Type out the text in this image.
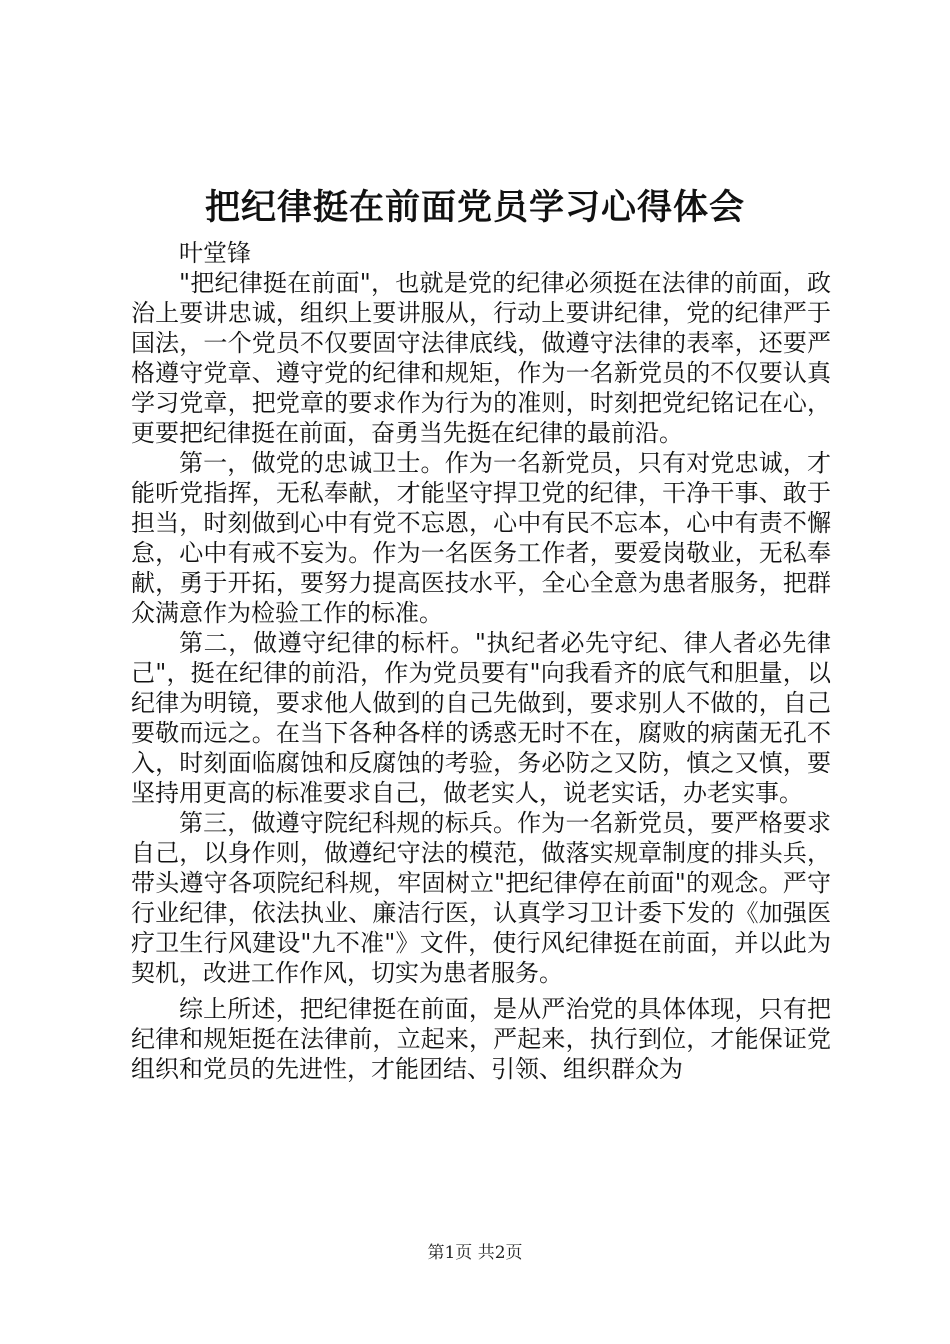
把纪律挺在前面党员学习心得体会

叶堂锋

"把纪律挺在前面"，也就是党的纪律必须挺在法律的前面，政治上要讲忠诚，组织上要讲服从，行动上要讲纪律，党的纪律严于国法，一个党员不仅要固守法律底线，做遵守法律的表率，还要严格遵守党章、遵守党的纪律和规矩，作为一名新党员的不仅要认真学习党章，把党章的要求作为行为的准则，时刻把党纪铭记在心，更要把纪律挺在前面，奋勇当先挺在纪律的最前沿。

第一，做党的忠诚卫士。作为一名新党员，只有对党忠诚，才能听党指挥，无私奉献，才能坚守捍卫党的纪律，干净干事、敢于担当，时刻做到心中有党不忘恩，心中有民不忘本，心中有责不懈怠，心中有戒不妄为。作为一名医务工作者，要爱岗敬业，无私奉献，勇于开拓，要努力提高医技水平，全心全意为患者服务，把群众满意作为检验工作的标准。

第二，做遵守纪律的标杆。"执纪者必先守纪、律人者必先律己"，挺在纪律的前沿，作为党员要有"向我看齐的底气和胆量，以纪律为明镜，要求他人做到的自己先做到，要求别人不做的，自己要敬而远之。在当下各种各样的诱惑无时不在，腐败的病菌无孔不入，时刻面临腐蚀和反腐蚀的考验，务必防之又防，慎之又慎，要坚持用更高的标准要求自己，做老实人，说老实话，办老实事。

第三，做遵守院纪科规的标兵。作为一名新党员，要严格要求自己，以身作则，做遵纪守法的模范，做落实规章制度的排头兵，带头遵守各项院纪科规，牢固树立"把纪律停在前面"的观念。严守行业纪律，依法执业、廉洁行医，认真学习卫计委下发的《加强医疗卫生行风建设"九不准"》文件，使行风纪律挺在前面，并以此为契机，改进工作作风，切实为患者服务。

综上所述，把纪律挺在前面，是从严治党的具体体现，只有把纪律和规矩挺在法律前，立起来，严起来，执行到位，才能保证党组织和党员的先进性，才能团结、引领、组织群众为

第1页 共2页
